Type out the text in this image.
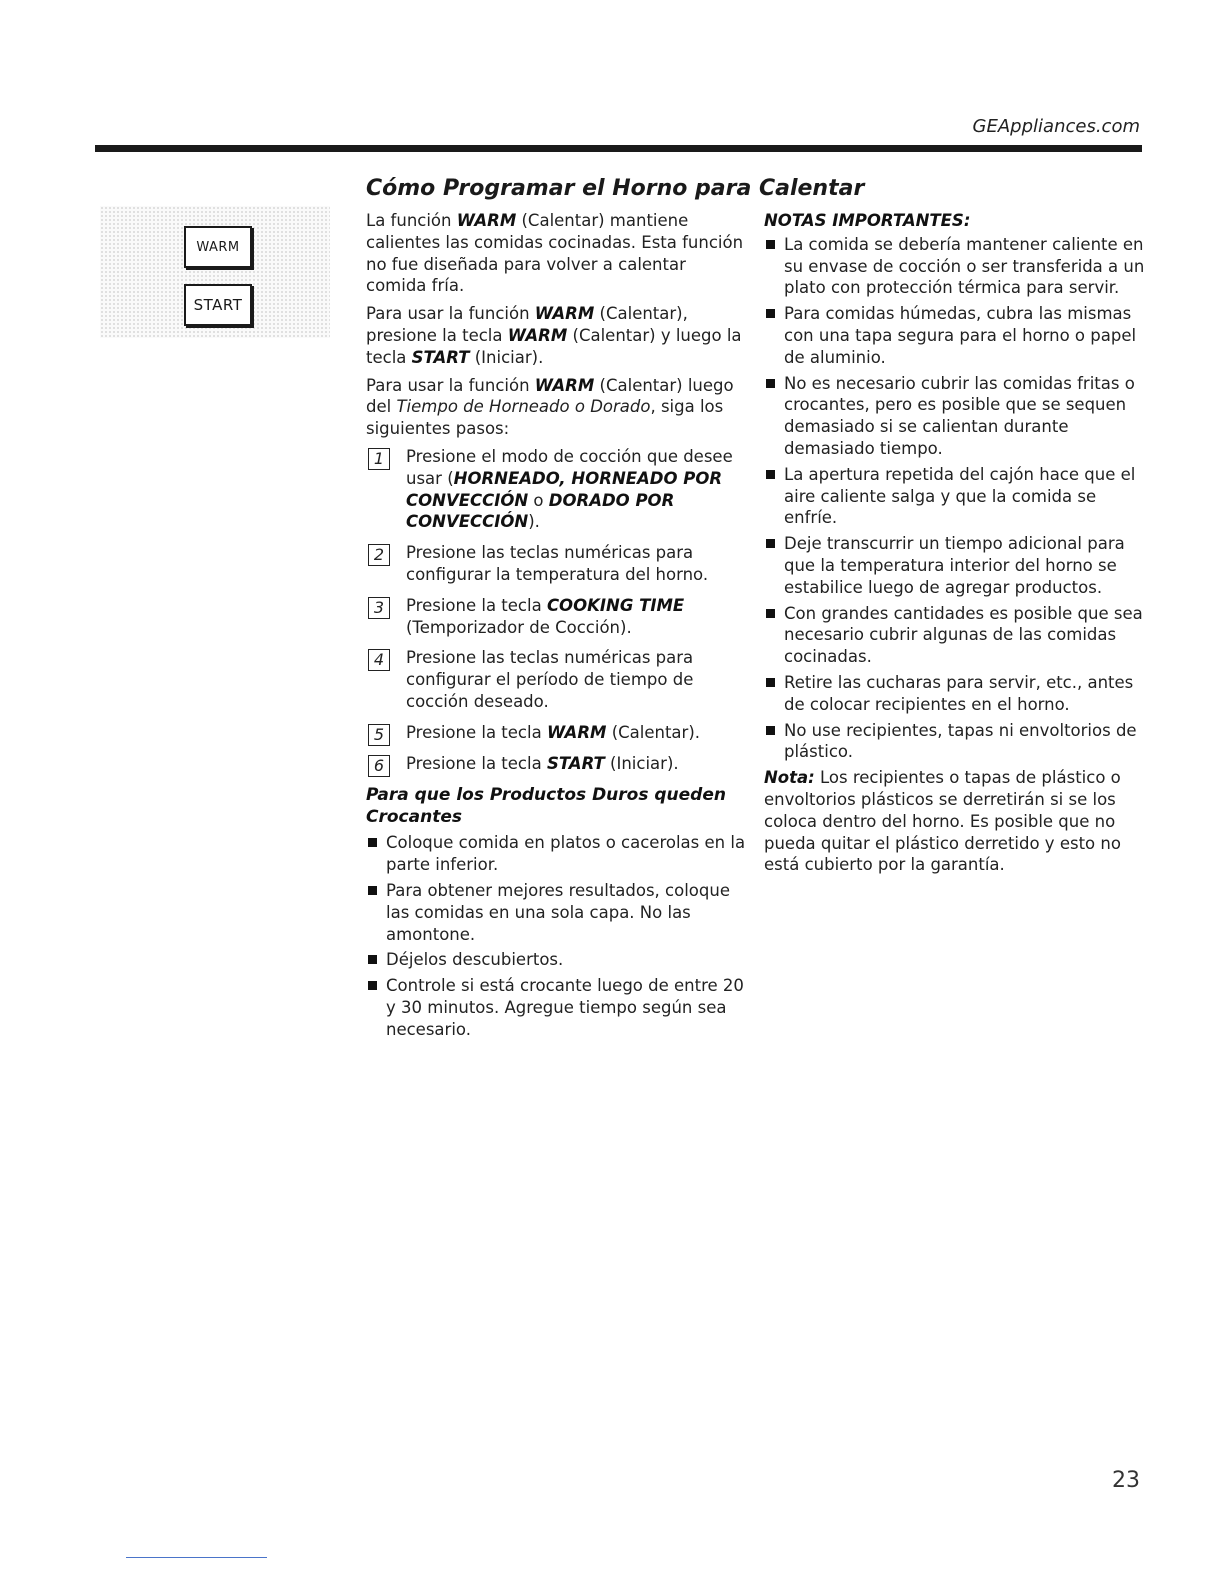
GEAppliances.com
Cómo Programar el Horno para Calentar
WARM
START

La función WARM (Calentar) mantiene calientes las comidas cocinadas. Esta función no fue diseñada para volver a calentar comida fría.

Para usar la función WARM (Calentar), presione la tecla WARM (Calentar) y luego la tecla START (Iniciar).

Para usar la función WARM (Calentar) luego del Tiempo de Horneado o Dorado, siga los siguientes pasos:

1	Presione el modo de cocción que desee usar (HORNEADO, HORNEADO POR CONVECCIÓN o DORADO POR CONVECCIÓN).
2	Presione las teclas numéricas para configurar la temperatura del horno.
3	Presione la tecla COOKING TIME (Temporizador de Cocción).
4	Presione las teclas numéricas para configurar el período de tiempo de cocción deseado.
5	Presione la tecla WARM (Calentar).
6	Presione la tecla START (Iniciar).
Para que los Productos Duros queden Crocantes
Coloque comida en platos o cacerolas en la parte inferior.
Para obtener mejores resultados, coloque las comidas en una sola capa. No las amontone.
Déjelos descubiertos.
Controle si está crocante luego de entre 20 y 30 minutos. Agregue tiempo según sea necesario.
NOTAS IMPORTANTES:
La comida se debería mantener caliente en su envase de cocción o ser transferida a un plato con protección térmica para servir.
Para comidas húmedas, cubra las mismas con una tapa segura para el horno o papel de aluminio.
No es necesario cubrir las comidas fritas o crocantes, pero es posible que se sequen demasiado si se calientan durante demasiado tiempo.
La apertura repetida del cajón hace que el aire caliente salga y que la comida se enfríe.
Deje transcurrir un tiempo adicional para que la temperatura interior del horno se estabilice luego de agregar productos.
Con grandes cantidades es posible que sea necesario cubrir algunas de las comidas cocinadas.
Retire las cucharas para servir, etc., antes de colocar recipientes en el horno.
No use recipientes, tapas ni envoltorios de plástico.

Nota: Los recipientes o tapas de plástico o envoltorios plásticos se derretirán si se los coloca dentro del horno. Es posible que no pueda quitar el plástico derretido y esto no está cubierto por la garantía.

23
